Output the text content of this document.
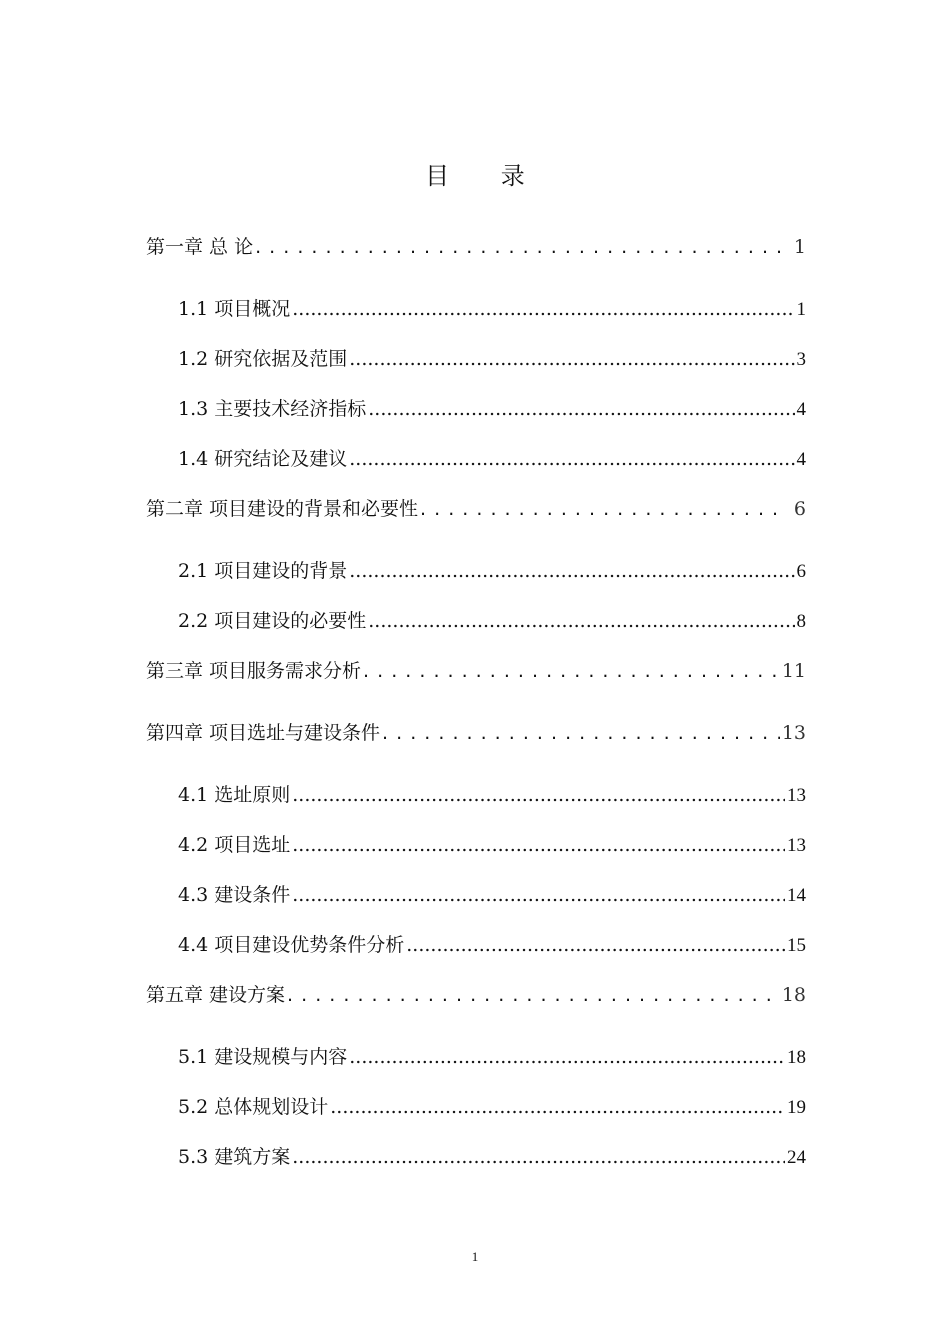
目 录
第一章 总 论 . . .	1
1.1 项目概况 .....	1
1.2 研究依据及范围 .....	3
1.3 主要技术经济指标 .....	4
1.4 研究结论及建议 .....	4
第二章 项目建设的背景和必要性 . . .	6
2.1 项目建设的背景 .....	6
2.2 项目建设的必要性 .....	8
第三章 项目服务需求分析 . . .	11
第四章 项目选址与建设条件 . . .	13
4.1 选址原则 .....	13
4.2 项目选址 .....	13
4.3 建设条件 .....	14
4.4 项目建设优势条件分析 .....	15
第五章 建设方案 . . .	18
5.1 建设规模与内容 .....	18
5.2 总体规划设计 .....	19
5.3 建筑方案 .....	24
1
